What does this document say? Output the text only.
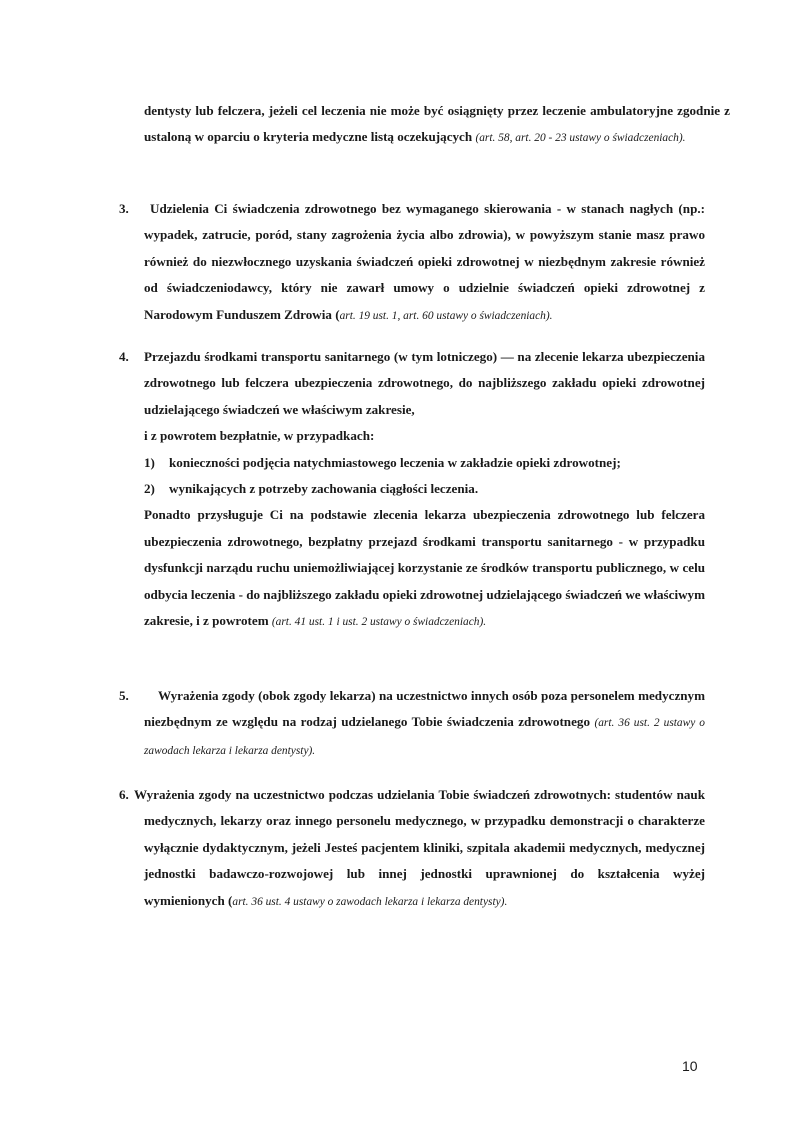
dentysty lub felczera, jeżeli cel leczenia nie może być osiągnięty przez leczenie ambulatoryjne zgodnie z ustaloną w oparciu o kryteria medyczne listą oczekujących (art. 58, art. 20 - 23 ustawy o świadczeniach).

3. Udzielenia Ci świadczenia zdrowotnego bez wymaganego skierowania - w stanach nagłych (np.: wypadek, zatrucie, poród, stany zagrożenia życia albo zdrowia), w powyższym stanie masz prawo również do niezwłocznego uzyskania świadczeń opieki zdrowotnej w niezbędnym zakresie również od świadczeniodawcy, który nie zawarł umowy o udzielnie świadczeń opieki zdrowotnej z Narodowym Funduszem Zdrowia (art. 19 ust. 1, art. 60 ustawy o świadczeniach).

4. Przejazdu środkami transportu sanitarnego (w tym lotniczego) — na zlecenie lekarza ubezpieczenia zdrowotnego lub felczera ubezpieczenia zdrowotnego, do najbliższego zakładu opieki zdrowotnej udzielającego świadczeń we właściwym zakresie,

i z powrotem bezpłatnie, w przypadkach:

1)	konieczności podjęcia natychmiastowego leczenia w zakładzie opieki zdrowotnej;
2)	wynikających z potrzeby zachowania ciągłości leczenia.

Ponadto przysługuje Ci na podstawie zlecenia lekarza ubezpieczenia zdrowotnego lub felczera ubezpieczenia zdrowotnego, bezpłatny przejazd środkami transportu sanitarnego - w przypadku dysfunkcji narządu ruchu uniemożliwiającej korzystanie ze środków transportu publicznego, w celu odbycia leczenia - do najbliższego zakładu opieki zdrowotnej udzielającego świadczeń we właściwym zakresie, i z powrotem (art. 41 ust. 1 i ust. 2 ustawy o świadczeniach).

5. Wyrażenia zgody (obok zgody lekarza) na uczestnictwo innych osób poza personelem medycznym niezbędnym ze względu na rodzaj udzielanego Tobie świadczenia zdrowotnego (art. 36 ust. 2 ustawy o zawodach lekarza i lekarza dentysty).

6. Wyrażenia zgody na uczestnictwo podczas udzielania Tobie świadczeń zdrowotnych: studentów nauk medycznych, lekarzy oraz innego personelu medycznego, w przypadku demonstracji o charakterze wyłącznie dydaktycznym, jeżeli Jesteś pacjentem kliniki, szpitala akademii medycznych, medycznej jednostki badawczo-rozwojowej lub innej jednostki uprawnionej do kształcenia wyżej wymienionych (art. 36 ust. 4 ustawy o zawodach lekarza i lekarza dentysty).

10
